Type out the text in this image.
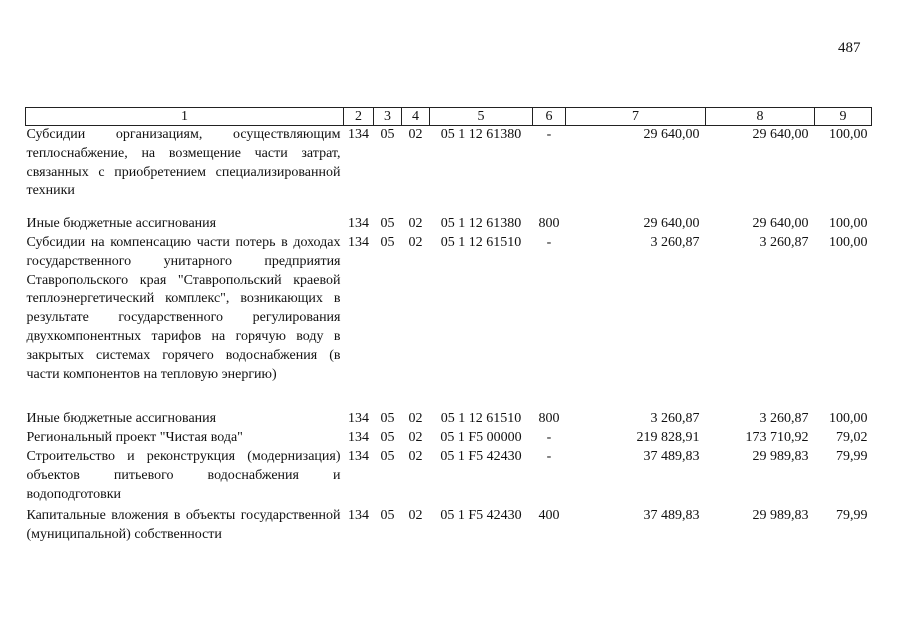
487
1	2	3	4	5	6	7	8	9
Субсидии организациям, осуществляющим теплоснабжение, на возмещение части затрат, связанных с приобретением специализированной техники	134	05	02	05 1 12 61380	-	29 640,00	29 640,00	100,00

Иные бюджетные ассигнования	134	05	02	05 1 12 61380	800	29 640,00	29 640,00	100,00
Субсидии на компенсацию части потерь в доходах государственного унитарного предприятия Ставропольского края "Ставропольский краевой теплоэнергетический комплекс", возникающих в результате государственного регулирования двухкомпонентных тарифов на горячую воду в закрытых системах горячего водоснабжения (в части компонентов на тепловую энергию)	134	05	02	05 1 12 61510	-	3 260,87	3 260,87	100,00

Иные бюджетные ассигнования	134	05	02	05 1 12 61510	800	3 260,87	3 260,87	100,00
Региональный проект "Чистая вода"	134	05	02	05 1 F5 00000	-	219 828,91	173 710,92	79,02
Строительство и реконструкция (модернизация) объектов питьевого водоснабжения и водоподготовки	134	05	02	05 1 F5 42430	-	37 489,83	29 989,83	79,99

Капитальные вложения в объекты государственной (муниципальной) собственности	134	05	02	05 1 F5 42430	400	37 489,83	29 989,83	79,99
